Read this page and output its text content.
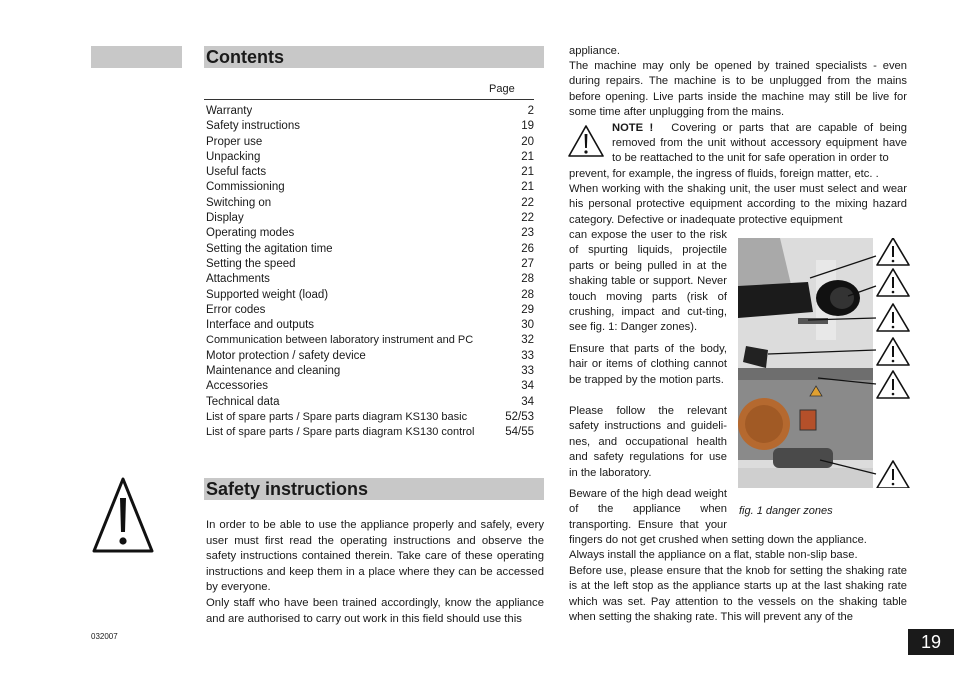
Contents
Page
Warranty	2
Safety instructions	19
Proper use	20
Unpacking	21
Useful facts	21
Commissioning	21
Switching on	22
Display	22
Operating modes	23
Setting the agitation time	26
Setting the speed	27
Attachments	28
Supported weight (load)	28
Error codes	29
Interface and outputs	30
Communication between laboratory instrument and PC	32
Motor protection / safety device	33
Maintenance and cleaning	33
Accessories	34
Technical data	34
List of spare parts / Spare parts diagram KS130 basic	52/53
List of spare parts / Spare parts diagram KS130 control	54/55
Safety instructions

In order to be able to use the appliance properly and safely, every user must first read the operating instructions and observe the safety instructions contained therein. Take care of these operating instructions and keep them in a place where they can be accessed by everyone.

Only staff who have been trained accordingly, know the appliance and are authorised to carry out work in this field should use this

032007

appliance.

The machine may only be opened by trained specialists - even during repairs. The machine is to be unplugged from the mains before opening. Live parts inside the machine may still be live for some time after unplugging from the mains.

NOTE ! Covering or parts that are capable of being removed from the unit without accessory equipment have to be reattached to the unit for safe operation in order to

prevent, for example, the ingress of fluids, foreign matter, etc. .

When working with the shaking unit, the user must select and wear his personal protective equipment according to the mixing hazard category. Defective or inadequate protective equipment

can expose the user to the risk of spurting liquids, projectile parts or being pulled in at the shaking table or support. Never touch moving parts (risk of crushing, impact and cut-ting, see fig. 1: Danger zones).

Ensure that parts of the body, hair or items of clothing cannot be trapped by the motion parts.

Please follow the relevant safety instructions and guideli-nes, and occupational health and safety regulations for use in the laboratory.

Beware of the high dead weight of the appliance when transporting. Ensure that your

fingers do not get crushed when setting down the appliance.

Always install the appliance on a flat, stable non-slip base.

Before use, please ensure that the knob for setting the shaking rate is at the left stop as the appliance starts up at the last shaking rate which was set. Pay attention to the vessels on the shaking table when setting the shaking rate. This will prevent any of the

fig. 1 danger zones
19
